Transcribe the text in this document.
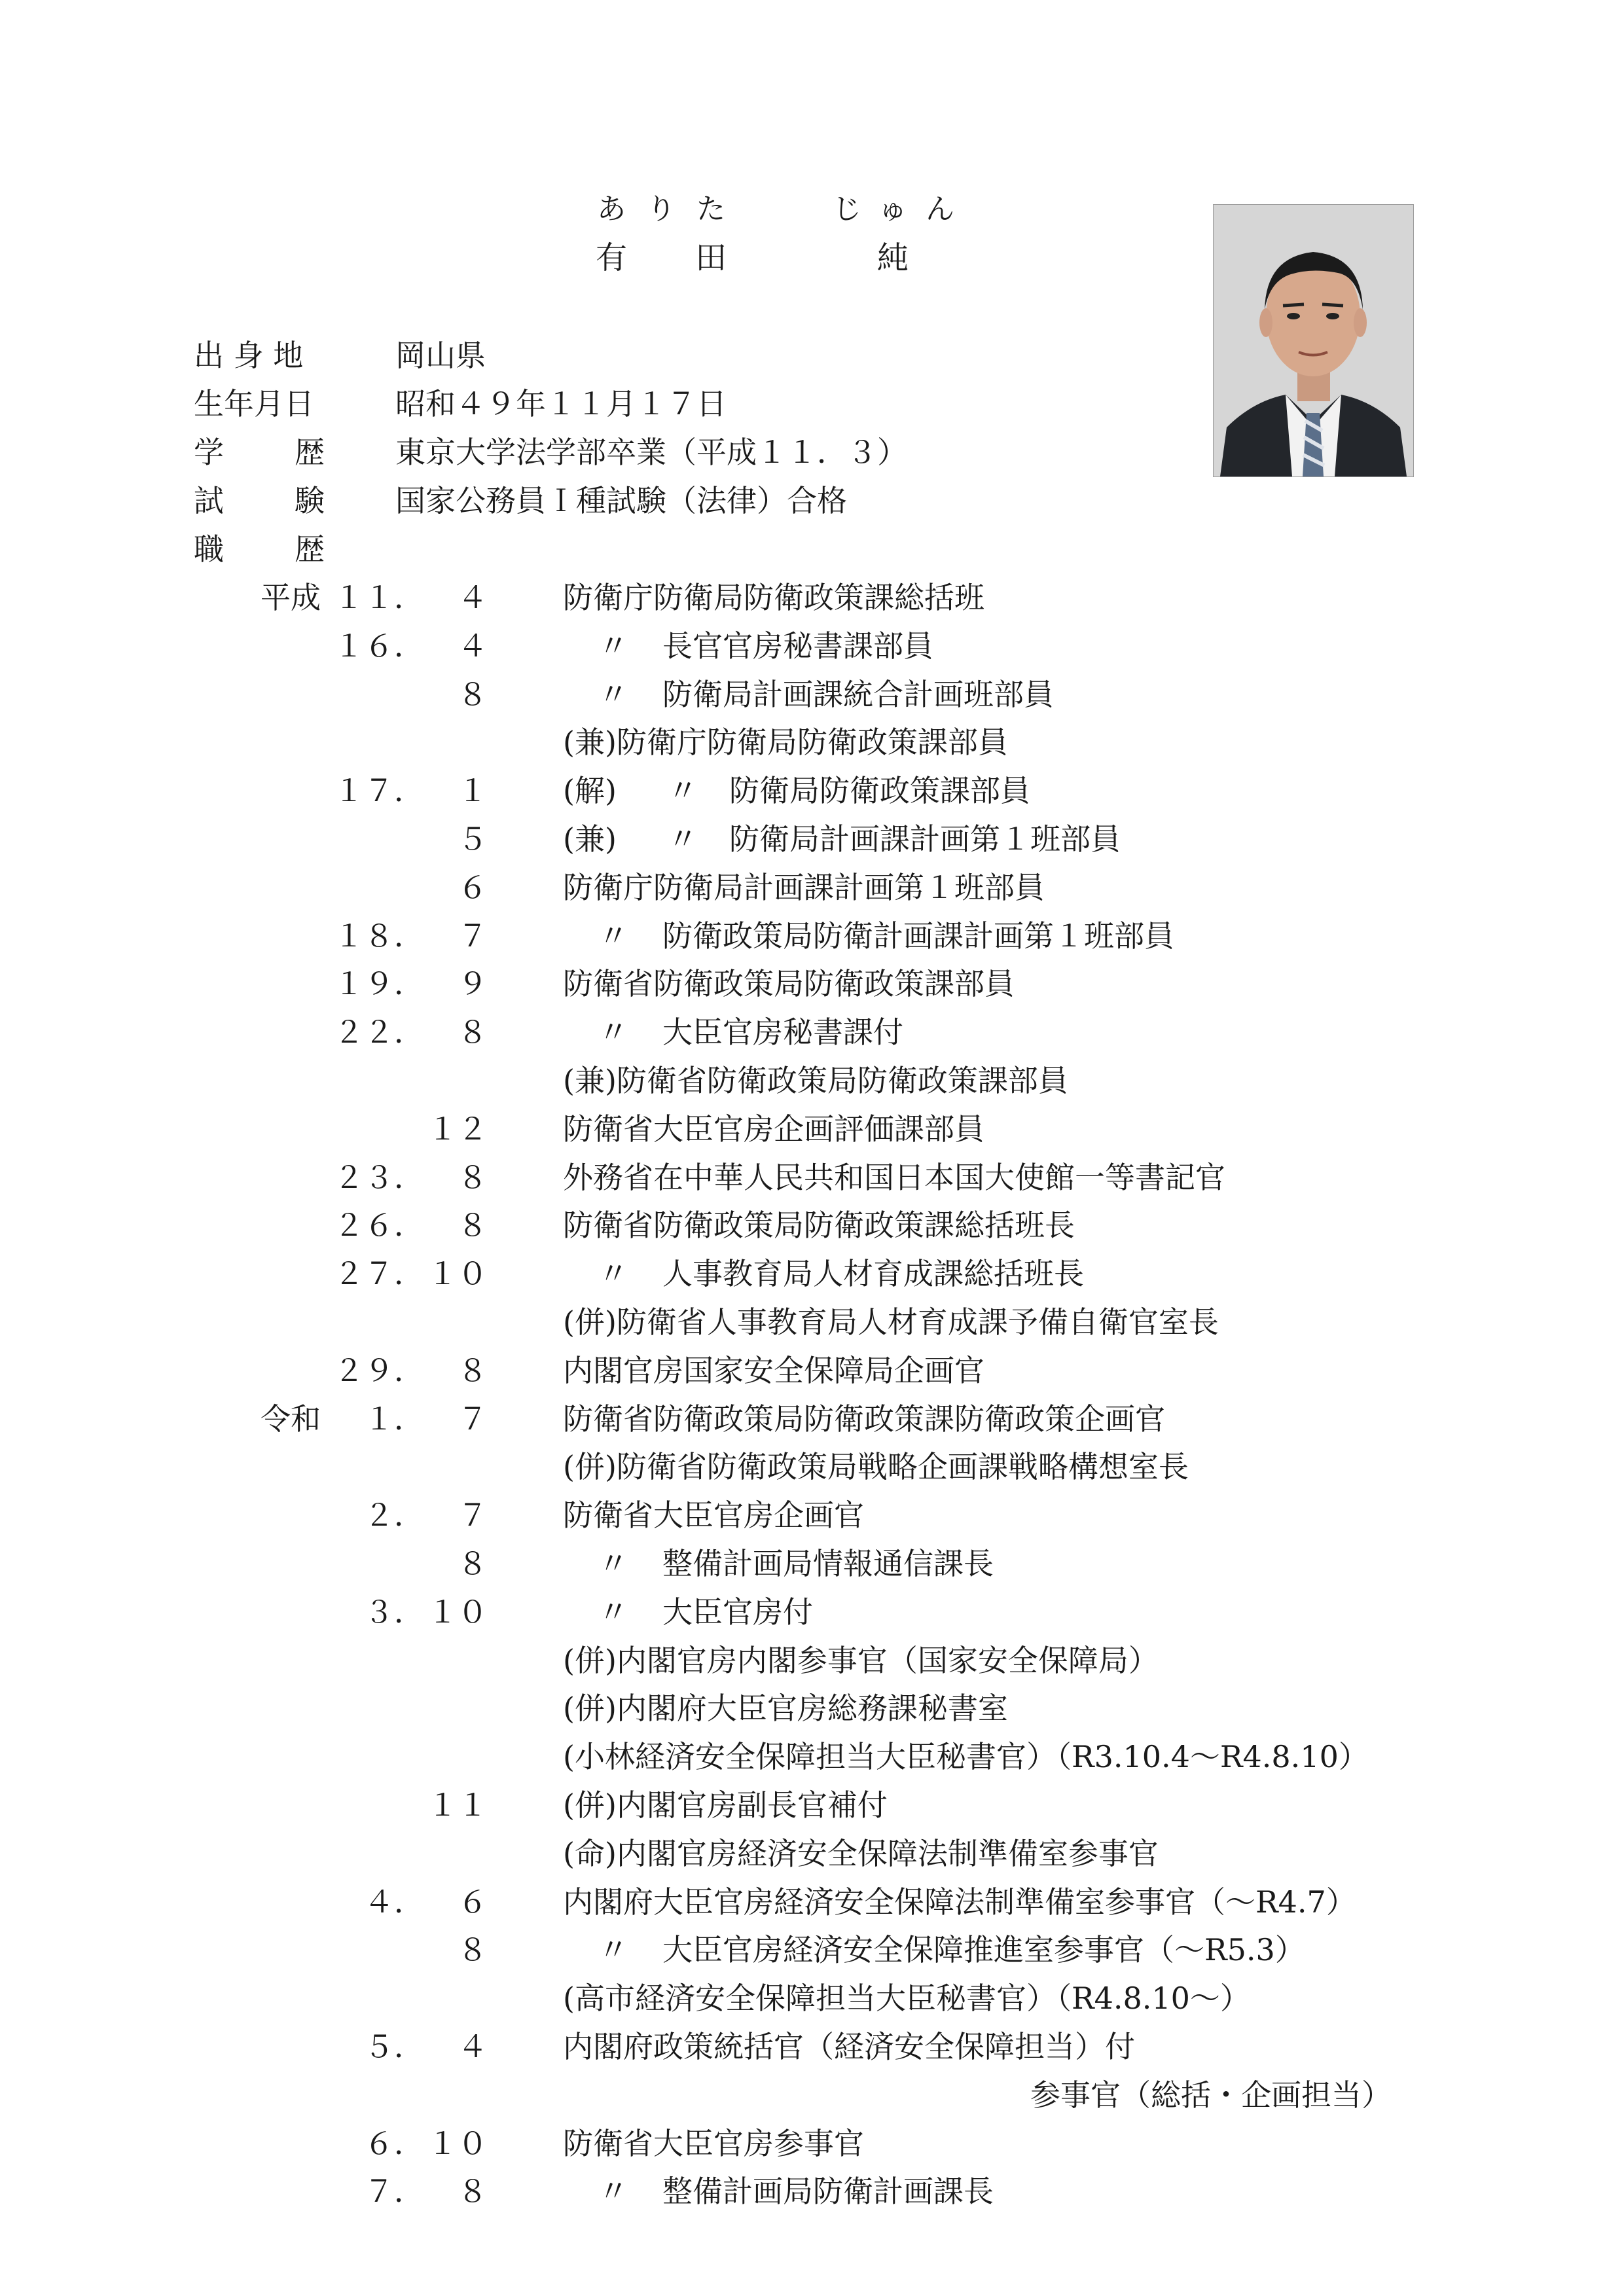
あ り た	じ ゅ ん
有 田	純
出 身 地	岡山県
生年月日	昭和４９年１１月１７日
学 歴 東京大学法学部卒業（平成１１．３）
試 験 国家公務員Ｉ種試験（法律）合格
職 歴
平成 １１． ４	防衛庁防衛局防衛政策課総括班
１６． ４	〃 長官官房秘書課部員
８	〃 防衛局計画課統合計画班部員
(兼)防衛庁防衛局防衛政策課部員
１７． １	(解) 〃 防衛局防衛政策課部員
５	(兼) 〃 防衛局計画課計画第１班部員
６	防衛庁防衛局計画課計画第１班部員
１８． ７	〃 防衛政策局防衛計画課計画第１班部員
１９． ９	防衛省防衛政策局防衛政策課部員
２２． ８	〃 大臣官房秘書課付
(兼)防衛省防衛政策局防衛政策課部員
１２	防衛省大臣官房企画評価課部員
２３． ８	外務省在中華人民共和国日本国大使館一等書記官
２６． ８	防衛省防衛政策局防衛政策課総括班長
２７． １０	〃 人事教育局人材育成課総括班長
(併)防衛省人事教育局人材育成課予備自衛官室長
２９． ８	内閣官房国家安全保障局企画官
令和 １． ７	防衛省防衛政策局防衛政策課防衛政策企画官
(併)防衛省防衛政策局戦略企画課戦略構想室長
２． ７	防衛省大臣官房企画官
８	〃 整備計画局情報通信課長
３． １０	〃 大臣官房付
(併)内閣官房内閣参事官（国家安全保障局）
(併)内閣府大臣官房総務課秘書室
(小林経済安全保障担当大臣秘書官）（R3.10.4～R4.8.10）
１１	(併)内閣官房副長官補付
(命)内閣官房経済安全保障法制準備室参事官
４． ６	内閣府大臣官房経済安全保障法制準備室参事官（～R4.7）
８	〃 大臣官房経済安全保障推進室参事官（～R5.3）
(高市経済安全保障担当大臣秘書官）（R4.8.10～）
５． ４	内閣府政策統括官（経済安全保障担当）付
参事官（総括・企画担当）
６． １０	防衛省大臣官房参事官
７． ８	〃 整備計画局防衛計画課長
